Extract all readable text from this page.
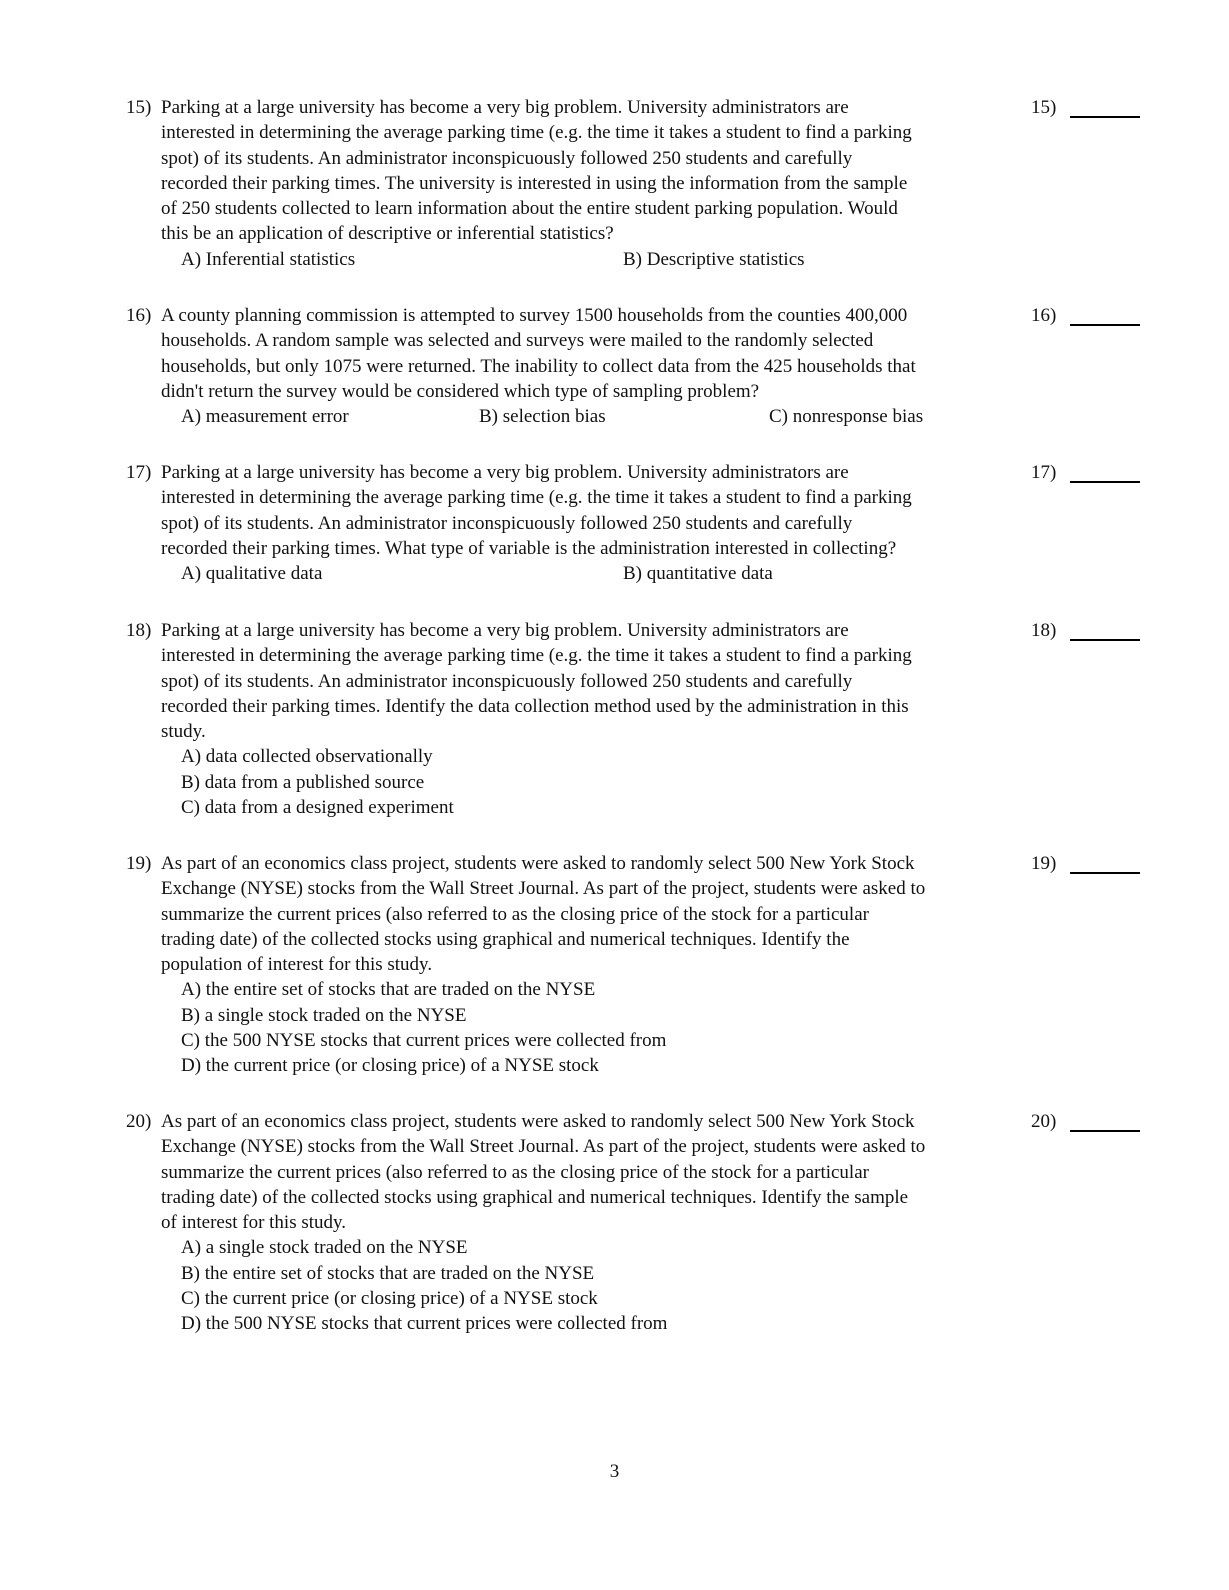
15) Parking at a large university has become a very big problem. University administrators are
interested in determining the average parking time (e.g. the time it takes a student to find a parking
spot) of its students. An administrator inconspicuously followed 250 students and carefully
recorded their parking times. The university is interested in using the information from the sample
of 250 students collected to learn information about the entire student parking population. Would
this be an application of descriptive or inferential statistics?
A) Inferential statistics	B) Descriptive statistics
15)
16) A county planning commission is attempted to survey 1500 households from the counties 400,000
households. A random sample was selected and surveys were mailed to the randomly selected
households, but only 1075 were returned. The inability to collect data from the 425 households that
didn't return the survey would be considered which type of sampling problem?
A) measurement error	B) selection bias	C) nonresponse bias
16)
17) Parking at a large university has become a very big problem. University administrators are
interested in determining the average parking time (e.g. the time it takes a student to find a parking
spot) of its students. An administrator inconspicuously followed 250 students and carefully
recorded their parking times. What type of variable is the administration interested in collecting?
A) qualitative data	B) quantitative data
17)
18) Parking at a large university has become a very big problem. University administrators are
interested in determining the average parking time (e.g. the time it takes a student to find a parking
spot) of its students. An administrator inconspicuously followed 250 students and carefully
recorded their parking times. Identify the data collection method used by the administration in this
study.
A) data collected observationally
B) data from a published source
C) data from a designed experiment
18)
19) As part of an economics class project, students were asked to randomly select 500 New York Stock
Exchange (NYSE) stocks from the Wall Street Journal. As part of the project, students were asked to
summarize the current prices (also referred to as the closing price of the stock for a particular
trading date) of the collected stocks using graphical and numerical techniques. Identify the
population of interest for this study.
A) the entire set of stocks that are traded on the NYSE
B) a single stock traded on the NYSE
C) the 500 NYSE stocks that current prices were collected from
D) the current price (or closing price) of a NYSE stock
19)
20) As part of an economics class project, students were asked to randomly select 500 New York Stock
Exchange (NYSE) stocks from the Wall Street Journal. As part of the project, students were asked to
summarize the current prices (also referred to as the closing price of the stock for a particular
trading date) of the collected stocks using graphical and numerical techniques. Identify the sample
of interest for this study.
A) a single stock traded on the NYSE
B) the entire set of stocks that are traded on the NYSE
C) the current price (or closing price) of a NYSE stock
D) the 500 NYSE stocks that current prices were collected from
20)
3
